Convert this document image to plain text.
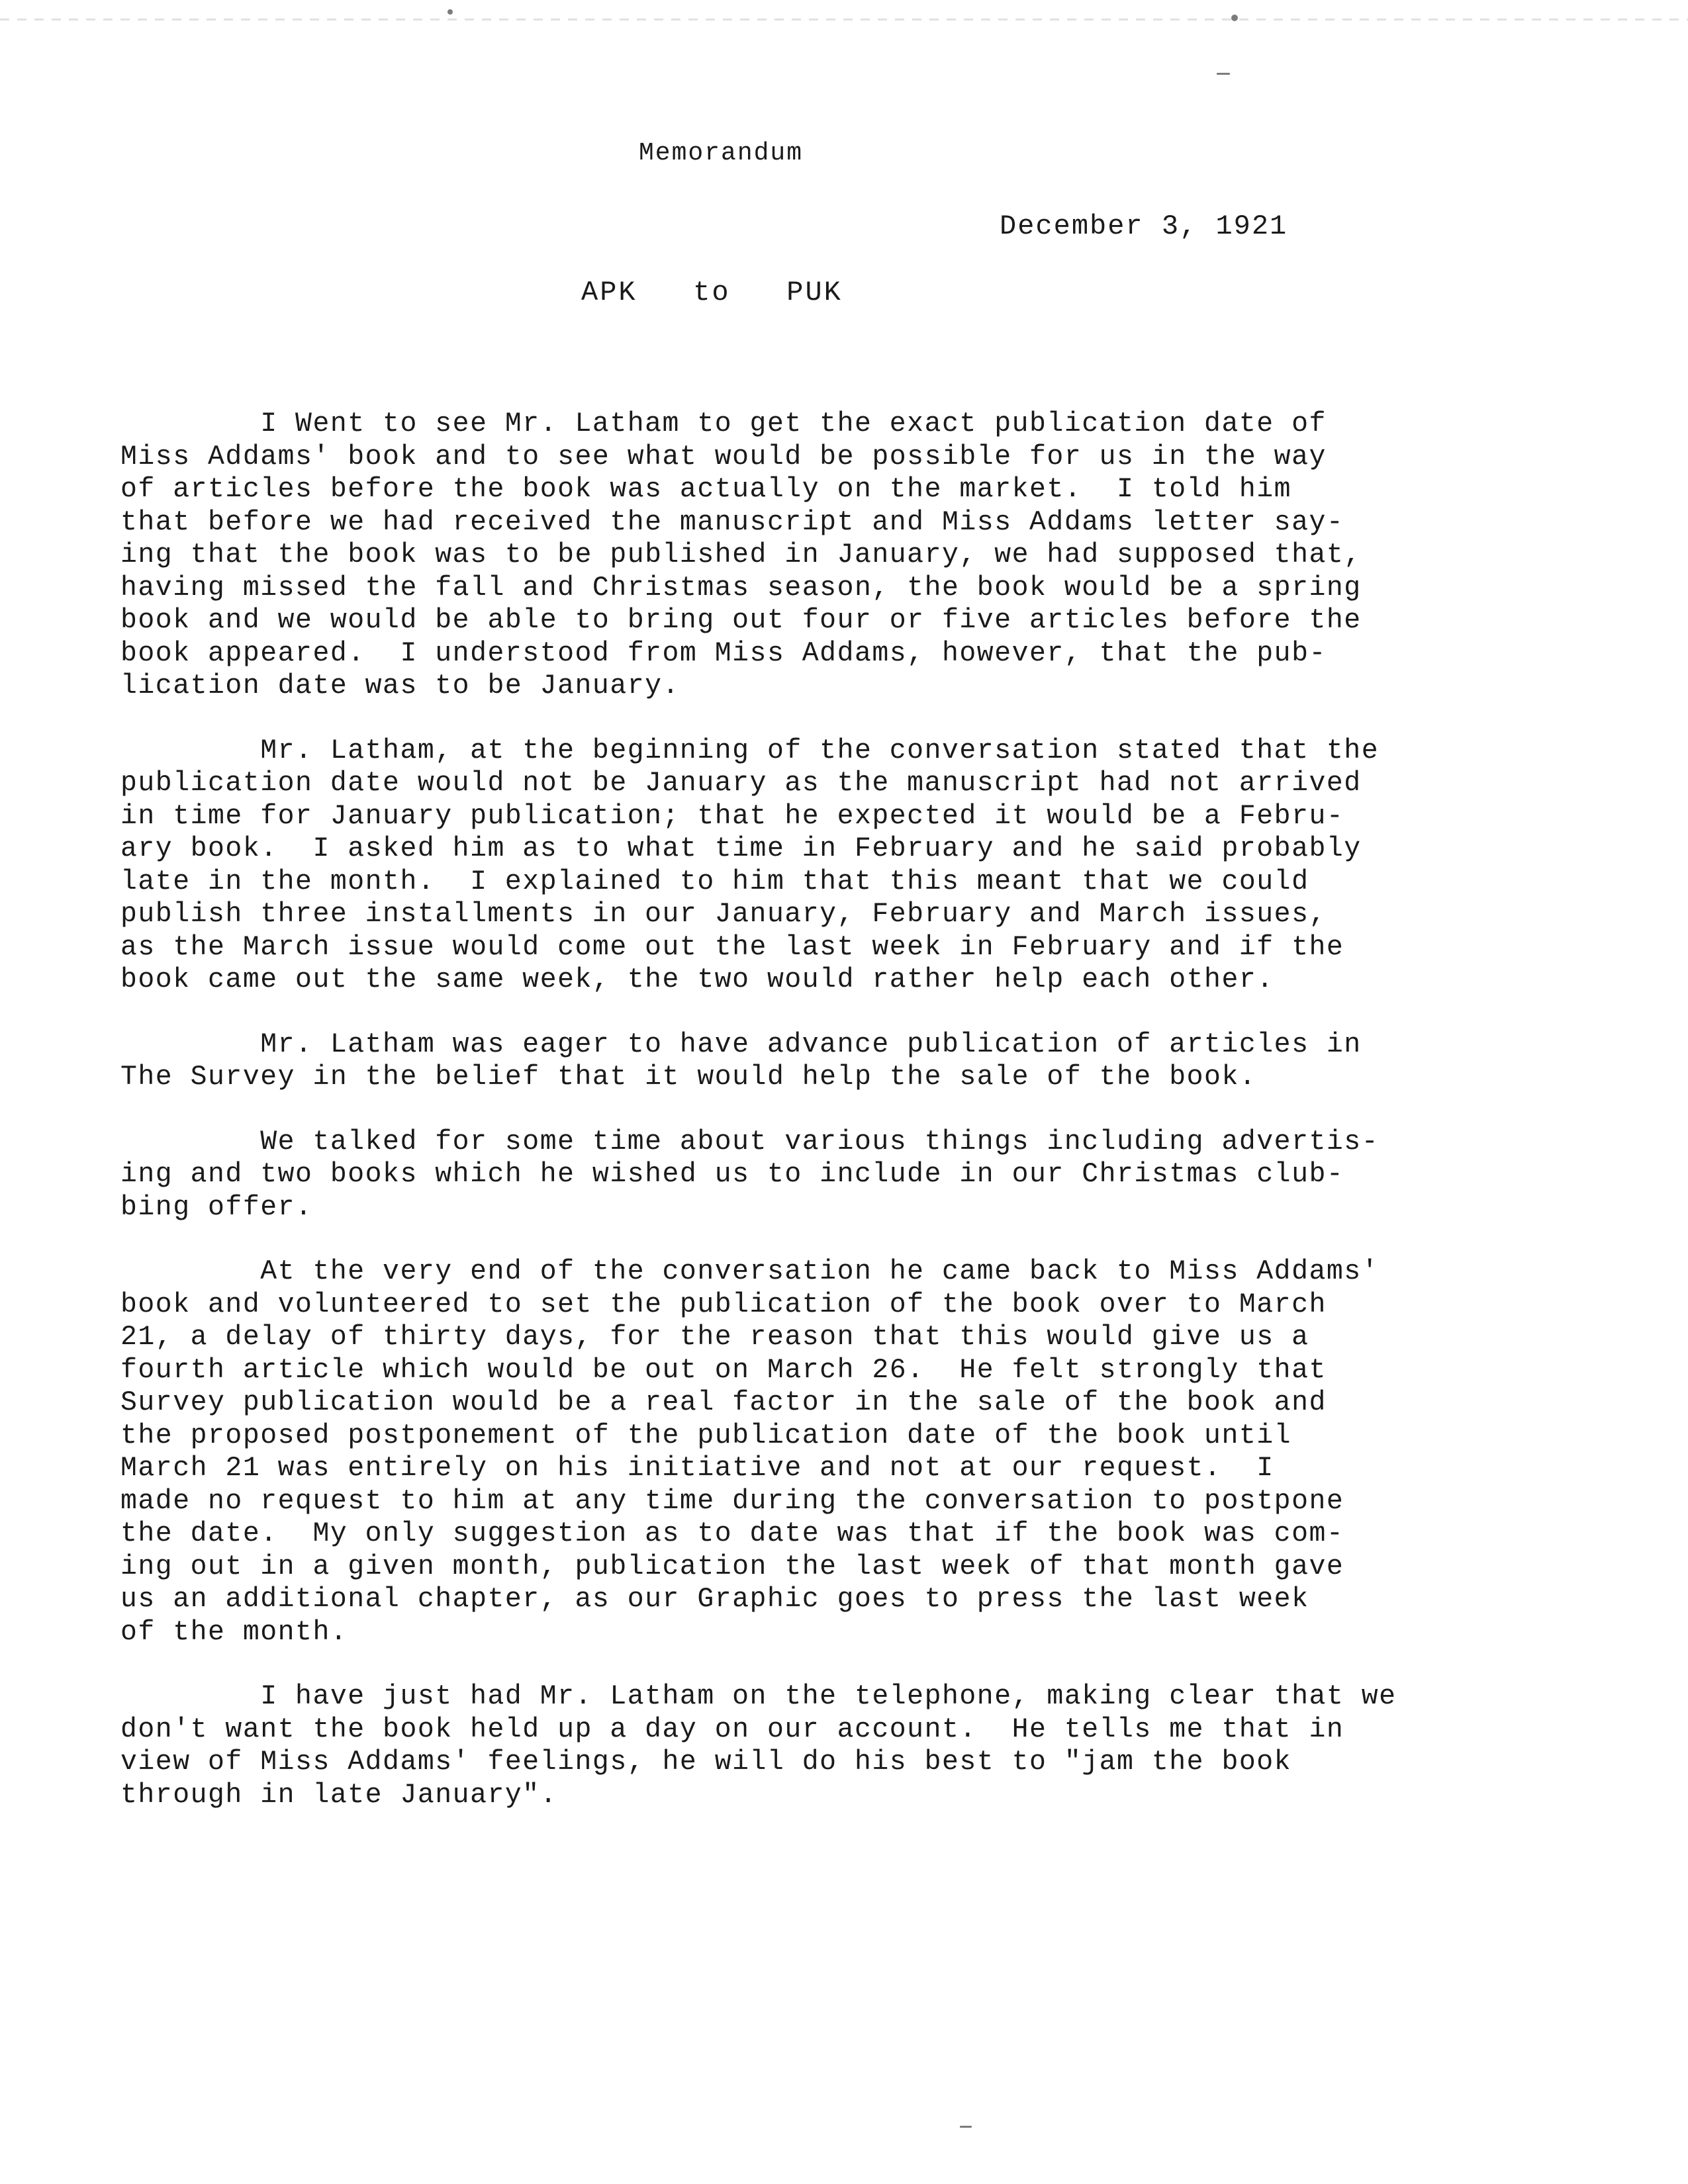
Memorandum
December 3, 1921
APK   to   PUK
I Went to see Mr. Latham to get the exact publication date of
Miss Addams' book and to see what would be possible for us in the way
of articles before the book was actually on the market.  I told him
that before we had received the manuscript and Miss Addams letter say-
ing that the book was to be published in January, we had supposed that,
having missed the fall and Christmas season, the book would be a spring
book and we would be able to bring out four or five articles before the
book appeared.  I understood from Miss Addams, however, that the pub-
lication date was to be January.
Mr. Latham, at the beginning of the conversation stated that the
publication date would not be January as the manuscript had not arrived
in time for January publication; that he expected it would be a Febru-
ary book.  I asked him as to what time in February and he said probably
late in the month.  I explained to him that this meant that we could
publish three installments in our January, February and March issues,
as the March issue would come out the last week in February and if the
book came out the same week, the two would rather help each other.
Mr. Latham was eager to have advance publication of articles in
The Survey in the belief that it would help the sale of the book.
We talked for some time about various things including advertis-
ing and two books which he wished us to include in our Christmas club-
bing offer.
At the very end of the conversation he came back to Miss Addams'
book and volunteered to set the publication of the book over to March
21, a delay of thirty days, for the reason that this would give us a
fourth article which would be out on March 26.  He felt strongly that
Survey publication would be a real factor in the sale of the book and
the proposed postponement of the publication date of the book until
March 21 was entirely on his initiative and not at our request.  I
made no request to him at any time during the conversation to postpone
the date.  My only suggestion as to date was that if the book was com-
ing out in a given month, publication the last week of that month gave
us an additional chapter, as our Graphic goes to press the last week
of the month.
I have just had Mr. Latham on the telephone, making clear that we
don't want the book held up a day on our account.  He tells me that in
view of Miss Addams' feelings, he will do his best to "jam the book
through in late January".
